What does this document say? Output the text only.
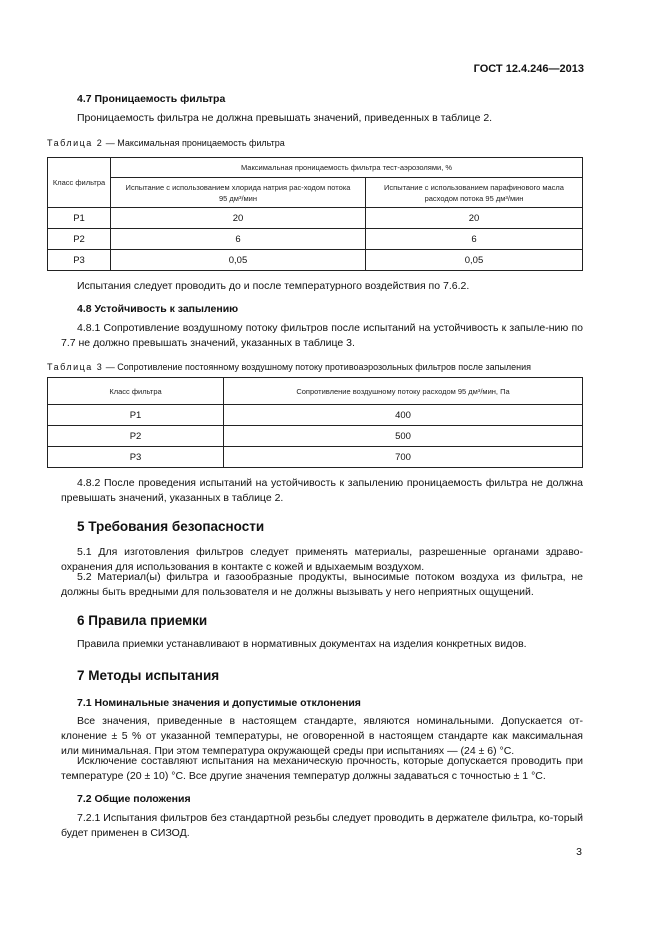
ГОСТ 12.4.246—2013
4.7 Проницаемость фильтра
Проницаемость фильтра не должна превышать значений, приведенных в таблице 2.
Таблица 2 — Максимальная проницаемость фильтра
Класс фильтра	Максимальная проницаемость фильтра тест-аэрозолями, %	
	Испытание с использованием хлорида натрия рас-ходом потока 95 дм³/мин	Испытание с использованием парафинового масла расходом потока 95 дм³/мин
P1	20	20
P2	6	6
P3	0,05	0,05
Испытания следует проводить до и после температурного воздействия по 7.6.2.
4.8 Устойчивость к запылению
4.8.1 Сопротивление воздушному потоку фильтров после испытаний на устойчивость к запыле-нию по 7.7 не должно превышать значений, указанных в таблице 3.
Таблица 3 — Сопротивление постоянному воздушному потоку противоаэрозольных фильтров после запыления
Класс фильтра	Сопротивление воздушному потоку расходом 95 дм³/мин, Па
P1	400
P2	500
P3	700
4.8.2 После проведения испытаний на устойчивость к запылению проницаемость фильтра не должна превышать значений, указанных в таблице 2.
5 Требования безопасности
5.1 Для изготовления фильтров следует применять материалы, разрешенные органами здраво-охранения для использования в контакте с кожей и вдыхаемым воздухом.
5.2 Материал(ы) фильтра и газообразные продукты, выносимые потоком воздуха из фильтра, не должны быть вредными для пользователя и не должны вызывать у него неприятных ощущений.
6 Правила приемки
Правила приемки устанавливают в нормативных документах на изделия конкретных видов.
7 Методы испытания
7.1 Номинальные значения и допустимые отклонения
Все значения, приведенные в настоящем стандарте, являются номинальными. Допускается от-клонение ± 5 % от указанной температуры, не оговоренной в настоящем стандарте как максимальная или минимальная. При этом температура окружающей среды при испытаниях — (24 ± 6) °С.
Исключение составляют испытания на механическую прочность, которые допускается проводить при температуре (20 ± 10) °С. Все другие значения температур должны задаваться с точностью ± 1 °С.
7.2 Общие положения
7.2.1 Испытания фильтров без стандартной резьбы следует проводить в держателе фильтра, ко-торый будет применен в СИЗОД.
3
